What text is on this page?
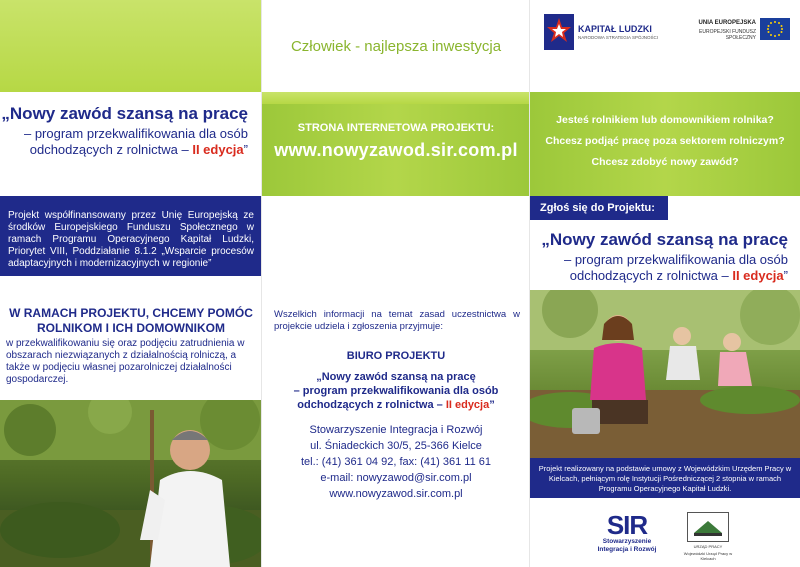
„Nowy zawód szansą na pracę
– program przekwalifikowania dla osób odchodzących z rolnictwa – II edycja”
Projekt współfinansowany przez Unię Europejską ze środków Europejskiego Funduszu Społecznego w ramach Programu Operacyjnego Kapitał Ludzki, Priorytet VIII, Poddziałanie 8.1.2 „Wsparcie procesów adaptacyjnych i modernizacyjnych w regionie”
W RAMACH PROJEKTU, CHCEMY POMÓC ROLNIKOM I ICH DOMOWNIKOM
w przekwalifikowaniu się oraz podjęciu zatrudnienia w obszarach niezwiązanych z działalnością rolniczą, a także w podjęciu własnej pozarolniczej działalności gospodarczej.
Człowiek - najlepsza inwestycja
STRONA INTERNETOWA PROJEKTU:
www.nowyzawod.sir.com.pl
Wszelkich informacji na temat zasad uczestnictwa w projekcie udziela i zgłoszenia przyjmuje:
BIURO PROJEKTU
„Nowy zawód szansą na pracę
– program przekwalifikowania dla osób
odchodzących z rolnictwa – II edycja”
Stowarzyszenie Integracja i Rozwój
ul. Śniadeckich 30/5, 25-366 Kielce
tel.: (41) 361 04 92, fax: (41) 361 11 61
e-mail: nowyzawod@sir.com.pl
www.nowyzawod.sir.com.pl
KAPITAŁ LUDZKI
NARODOWA STRATEGIA SPÓJNOŚCI
UNIA EUROPEJSKA
EUROPEJSKI FUNDUSZ SPOŁECZNY
Jesteś rolnikiem lub domownikiem rolnika?
Chcesz podjąć pracę poza sektorem rolniczym?
Chcesz zdobyć nowy zawód?
Zgłoś się do Projektu:
„Nowy zawód szansą na pracę
– program przekwalifikowania dla osób odchodzących z rolnictwa – II edycja”
Projekt realizowany na podstawie umowy z Wojewódzkim Urzędem Pracy w Kielcach, pełniącym rolę Instytucji Pośredniczącej 2 stopnia w ramach Programu Operacyjnego Kapitał Ludzki.
SIR
Stowarzyszenie
Integracja i Rozwój	URZĄD PRACY
Wojewódzki Urząd Pracy w Kielcach
